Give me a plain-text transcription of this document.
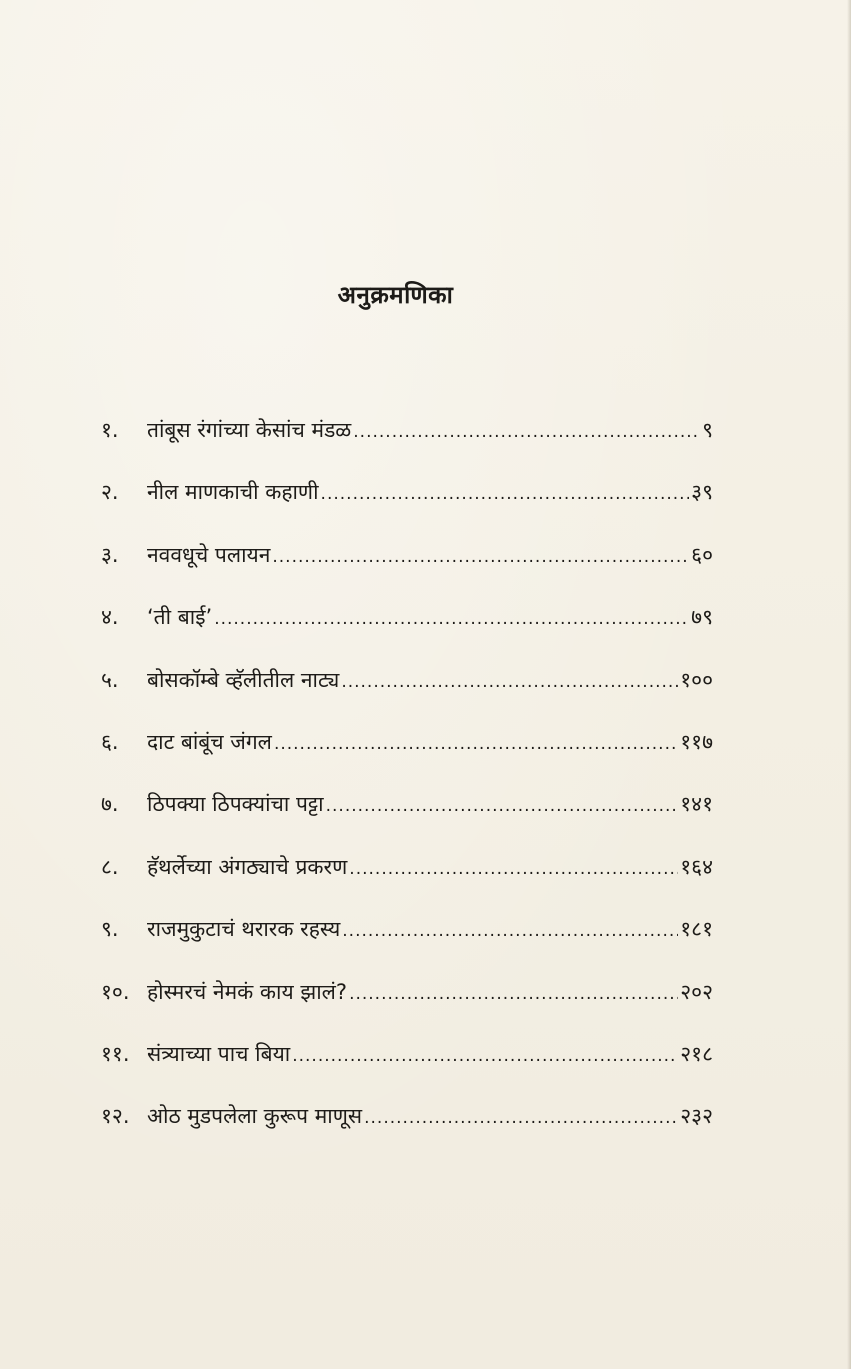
अनुक्रमणिका
१.	तांबूस रंगांच्या केसांच मंडळ .....	९
२.	नील माणकाची कहाणी .....	३९
३.	नववधूचे पलायन .....	६०
४.	‘ती बाई’ .....	७९
५.	बोसकॉम्बे व्हॅलीतील नाट्य .....	१००
६.	दाट बांबूंच जंगल .....	११७
७.	ठिपक्या ठिपक्यांचा पट्टा .....	१४१
८.	हॅथर्लेच्या अंगठ्याचे प्रकरण .....	१६४
९.	राजमुकुटाचं थरारक रहस्य .....	१८१
१०. होस्मरचं नेमकं काय झालं? .....	२०२
११. संत्र्याच्या पाच बिया .....	२१८
१२. ओठ मुडपलेला कुरूप माणूस .....	२३२
